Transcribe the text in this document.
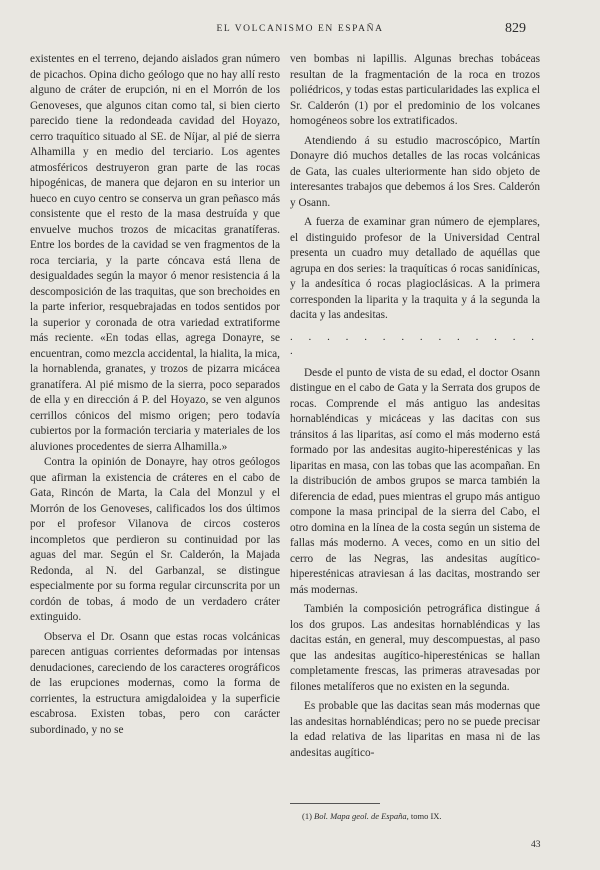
EL VOLCANISMO EN ESPAÑA	829

existentes en el terreno, dejando aislados gran número de picachos. Opina dicho geólogo que no hay allí resto alguno de cráter de erupción, ni en el Morrón de los Genoveses, que algunos citan como tal, si bien cierto parecido tiene la redondeada cavidad del Hoyazo, cerro traquítico situado al SE. de Níjar, al pié de sierra Alhamilla y en medio del terciario. Los agentes atmosféricos destruyeron gran parte de las rocas hipogénicas, de manera que dejaron en su interior un hueco en cuyo centro se conserva un gran peñasco más consistente que el resto de la masa destruída y que envuelve muchos trozos de micacitas granatíferas. Entre los bordes de la cavidad se ven fragmentos de la roca terciaria, y la parte cóncava está llena de desigualdades según la mayor ó menor resistencia á la descomposición de las traquitas, que son brechoides en la parte inferior, resquebrajadas en todos sentidos por la superior y coronada de otra variedad extratiforme más reciente. «En todas ellas, agrega Donayre, se encuentran, como mezcla accidental, la hialita, la mica, la hornablenda, granates, y trozos de pizarra micácea granatífera. Al pié mismo de la sierra, poco separados de ella y en dirección á P. del Hoyazo, se ven algunos cerrillos cónicos del mismo origen; pero todavía cubiertos por la formación terciaria y materiales de los aluviones procedentes de sierra Alhamilla.»

Contra la opinión de Donayre, hay otros geólogos que afirman la existencia de cráteres en el cabo de Gata, Rincón de Marta, la Cala del Monzul y el Morrón de los Genoveses, calificados los dos últimos por el profesor Vilanova de circos costeros incompletos que perdieron su continuidad por las aguas del mar. Según el Sr. Calderón, la Majada Redonda, al N. del Garbanzal, se distingue especialmente por su forma regular circunscrita por un cordón de tobas, á modo de un verdadero cráter extinguido.

Observa el Dr. Osann que estas rocas volcánicas parecen antiguas corrientes deformadas por intensas denudaciones, careciendo de los caracteres orográficos de las erupciones modernas, como la forma de corrientes, la estructura amigdaloidea y la superficie escabrosa. Existen tobas, pero con carácter subordinado, y no se

ven bombas ni lapillis. Algunas brechas tobáceas resultan de la fragmentación de la roca en trozos poliédricos, y todas estas particularidades las explica el Sr. Calderón (1) por el predominio de los volcanes homogéneos sobre los extratificados.

Atendiendo á su estudio macroscópico, Martín Donayre dió muchos detalles de las rocas volcánicas de Gata, las cuales ulteriormente han sido objeto de interesantes trabajos que debemos á los Sres. Calderón y Osann.

A fuerza de examinar gran número de ejemplares, el distinguido profesor de la Universidad Central presenta un cuadro muy detallado de aquéllas que agrupa en dos series: la traquíticas ó rocas sanidínicas, y la andesítica ó rocas plagioclásicas. A la primera corresponden la liparita y la traquita y á la segunda la dacita y las andesitas.

. . . . . . . . . . . . . . .

Desde el punto de vista de su edad, el doctor Osann distingue en el cabo de Gata y la Serrata dos grupos de rocas. Comprende el más antiguo las andesitas hornabléndicas y micáceas y las dacitas con sus tránsitos á las liparitas, así como el más moderno está formado por las andesitas augito-hiperesténicas y las liparitas en masa, con las tobas que las acompañan. En la distribución de ambos grupos se marca también la diferencia de edad, pues mientras el grupo más antiguo compone la masa principal de la sierra del Cabo, el otro domina en la línea de la costa según un sistema de fallas más moderno. A veces, como en un sitio del cerro de las Negras, las andesitas augítico-hiperesténicas atraviesan á las dacitas, mostrando ser más modernas.

También la composición petrográfica distingue á los dos grupos. Las andesitas hornabléndicas y las dacitas están, en general, muy descompuestas, al paso que las andesitas augítico-hiperesténicas se hallan completamente frescas, las primeras atravesadas por filones metalíferos que no existen en la segunda.

Es probable que las dacitas sean más modernas que las andesitas hornabléndicas; pero no se puede precisar la edad relativa de las liparitas en masa ni de las andesitas augítico-

(1) Bol. Mapa geol. de España, tomo IX.
43
